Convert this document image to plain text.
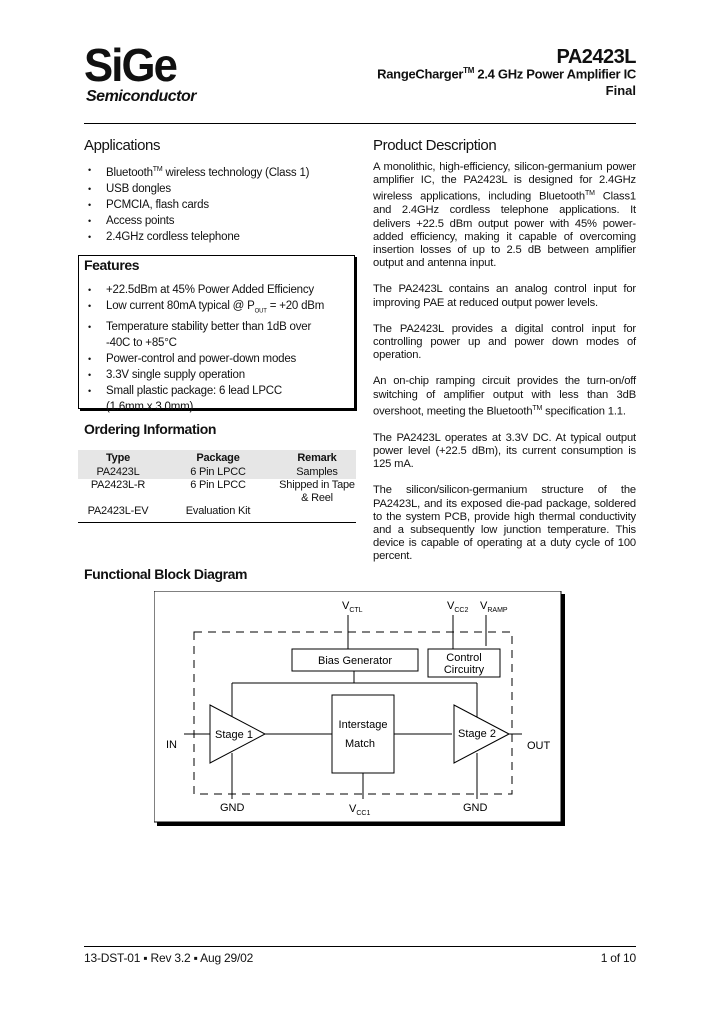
SiGe
Semiconductor
PA2423L
RangeCharger™ 2.4 GHz Power Amplifier IC
Final
Applications
• Bluetooth™ wireless technology (Class 1)
• USB dongles
• PCMCIA, flash cards
• Access points
• 2.4GHz cordless telephone
Features
• +22.5dBm at 45% Power Added Efficiency
• Low current 80mA typical @ $P_{OUT} = +20$ dBm
• Temperature stability better than 1dB over -40C to +85°C
• Power-control and power-down modes
• 3.3V single supply operation
• Small plastic package: 6 lead LPCC (1.6mm x 3.0mm)
Ordering Information
Type	Package	Remark
PA2423L	6 Pin LPCC	Samples
PA2423L-R	6 Pin LPCC	Shipped in Tape & Reel
PA2423L-EV	Evaluation Kit	
Product Description

A monolithic, high-efficiency, silicon-germanium power amplifier IC, the PA2423L is designed for 2.4GHz wireless applications, including Bluetooth™ Class1 and 2.4GHz cordless telephone applications. It delivers +22.5 dBm output power with 45% power-added efficiency, making it capable of overcoming insertion losses of up to 2.5 dB between amplifier output and antenna input.

The PA2423L contains an analog control input for improving PAE at reduced output power levels.

The PA2423L provides a digital control input for controlling power up and power down modes of operation.

An on-chip ramping circuit provides the turn-on/off switching of amplifier output with less than 3dB overshoot, meeting the Bluetooth™ specification 1.1.

The PA2423L operates at 3.3V DC. At typical output power level (+22.5 dBm), its current consumption is 125 mA.

The silicon/silicon-germanium structure of the PA2423L, and its exposed die-pad package, soldered to the system PCB, provide high thermal conductivity and a subsequently low junction temperature. This device is capable of operating at a duty cycle of 100 percent.

Functional Block Diagram
$V_{CTL}$	$V_{CC2}$ $V_{RAMP}$
Bias Generator	Control
Circuitry
Stage 1
Interstage
Match
Stage 2
IN	OUT
GND	$V_{CC1}$	GND
13-DST-01 ▪ Rev 3.2 ▪ Aug 29/02	1 of 10
